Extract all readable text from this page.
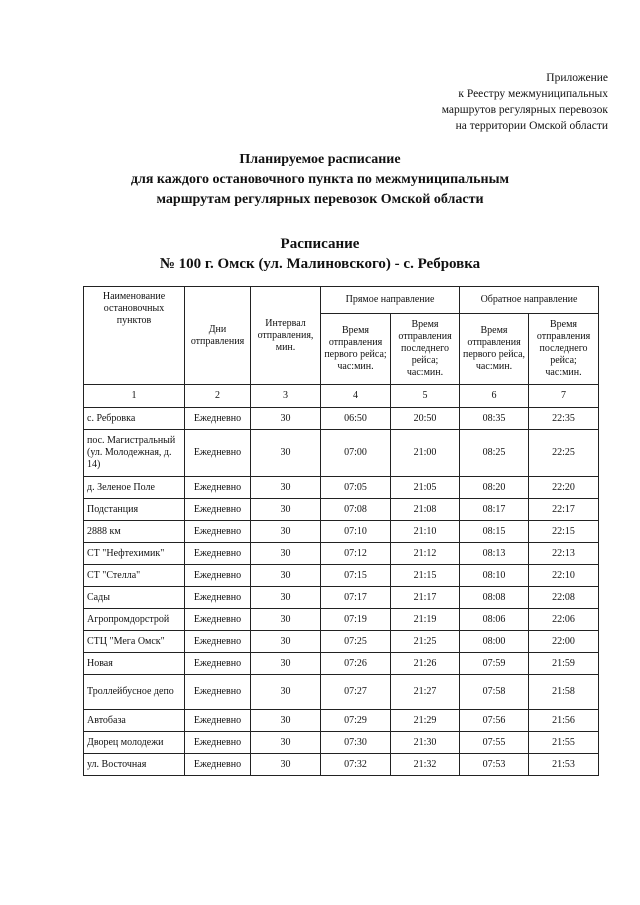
Приложение
к Реестру межмуниципальных
маршрутов регулярных перевозок
на территории Омской области
Планируемое расписание
для каждого остановочного пункта по межмуниципальным
маршрутам регулярных перевозок Омской области
Расписание
№ 100 г. Омск (ул. Малиновского) - с. Ребровка
Наименование остановочных пунктов	Дни отправления	Интервал отправления, мин.	Прямое направление		Обратное направление	
			Время отправления первого рейса; час:мин.	Время отправления последнего рейса; час:мин.	Время отправления первого рейса, час:мин.	Время отправления последнего рейса; час:мин.
1	2	3	4	5	6	7
с. Ребровка	Ежедневно	30	06:50	20:50	08:35	22:35
пос. Магистральный (ул. Молодежная, д. 14)	Ежедневно	30	07:00	21:00	08:25	22:25
д. Зеленое Поле	Ежедневно	30	07:05	21:05	08:20	22:20
Подстанция	Ежедневно	30	07:08	21:08	08:17	22:17
2888 км	Ежедневно	30	07:10	21:10	08:15	22:15
СТ "Нефтехимик"	Ежедневно	30	07:12	21:12	08:13	22:13
СТ "Стелла"	Ежедневно	30	07:15	21:15	08:10	22:10
Сады	Ежедневно	30	07:17	21:17	08:08	22:08
Агропромдорстрой	Ежедневно	30	07:19	21:19	08:06	22:06
СТЦ "Мега Омск"	Ежедневно	30	07:25	21:25	08:00	22:00
Новая	Ежедневно	30	07:26	21:26	07:59	21:59
Троллейбусное депо	Ежедневно	30	07:27	21:27	07:58	21:58
Автобаза	Ежедневно	30	07:29	21:29	07:56	21:56
Дворец молодежи	Ежедневно	30	07:30	21:30	07:55	21:55
ул. Восточная	Ежедневно	30	07:32	21:32	07:53	21:53
